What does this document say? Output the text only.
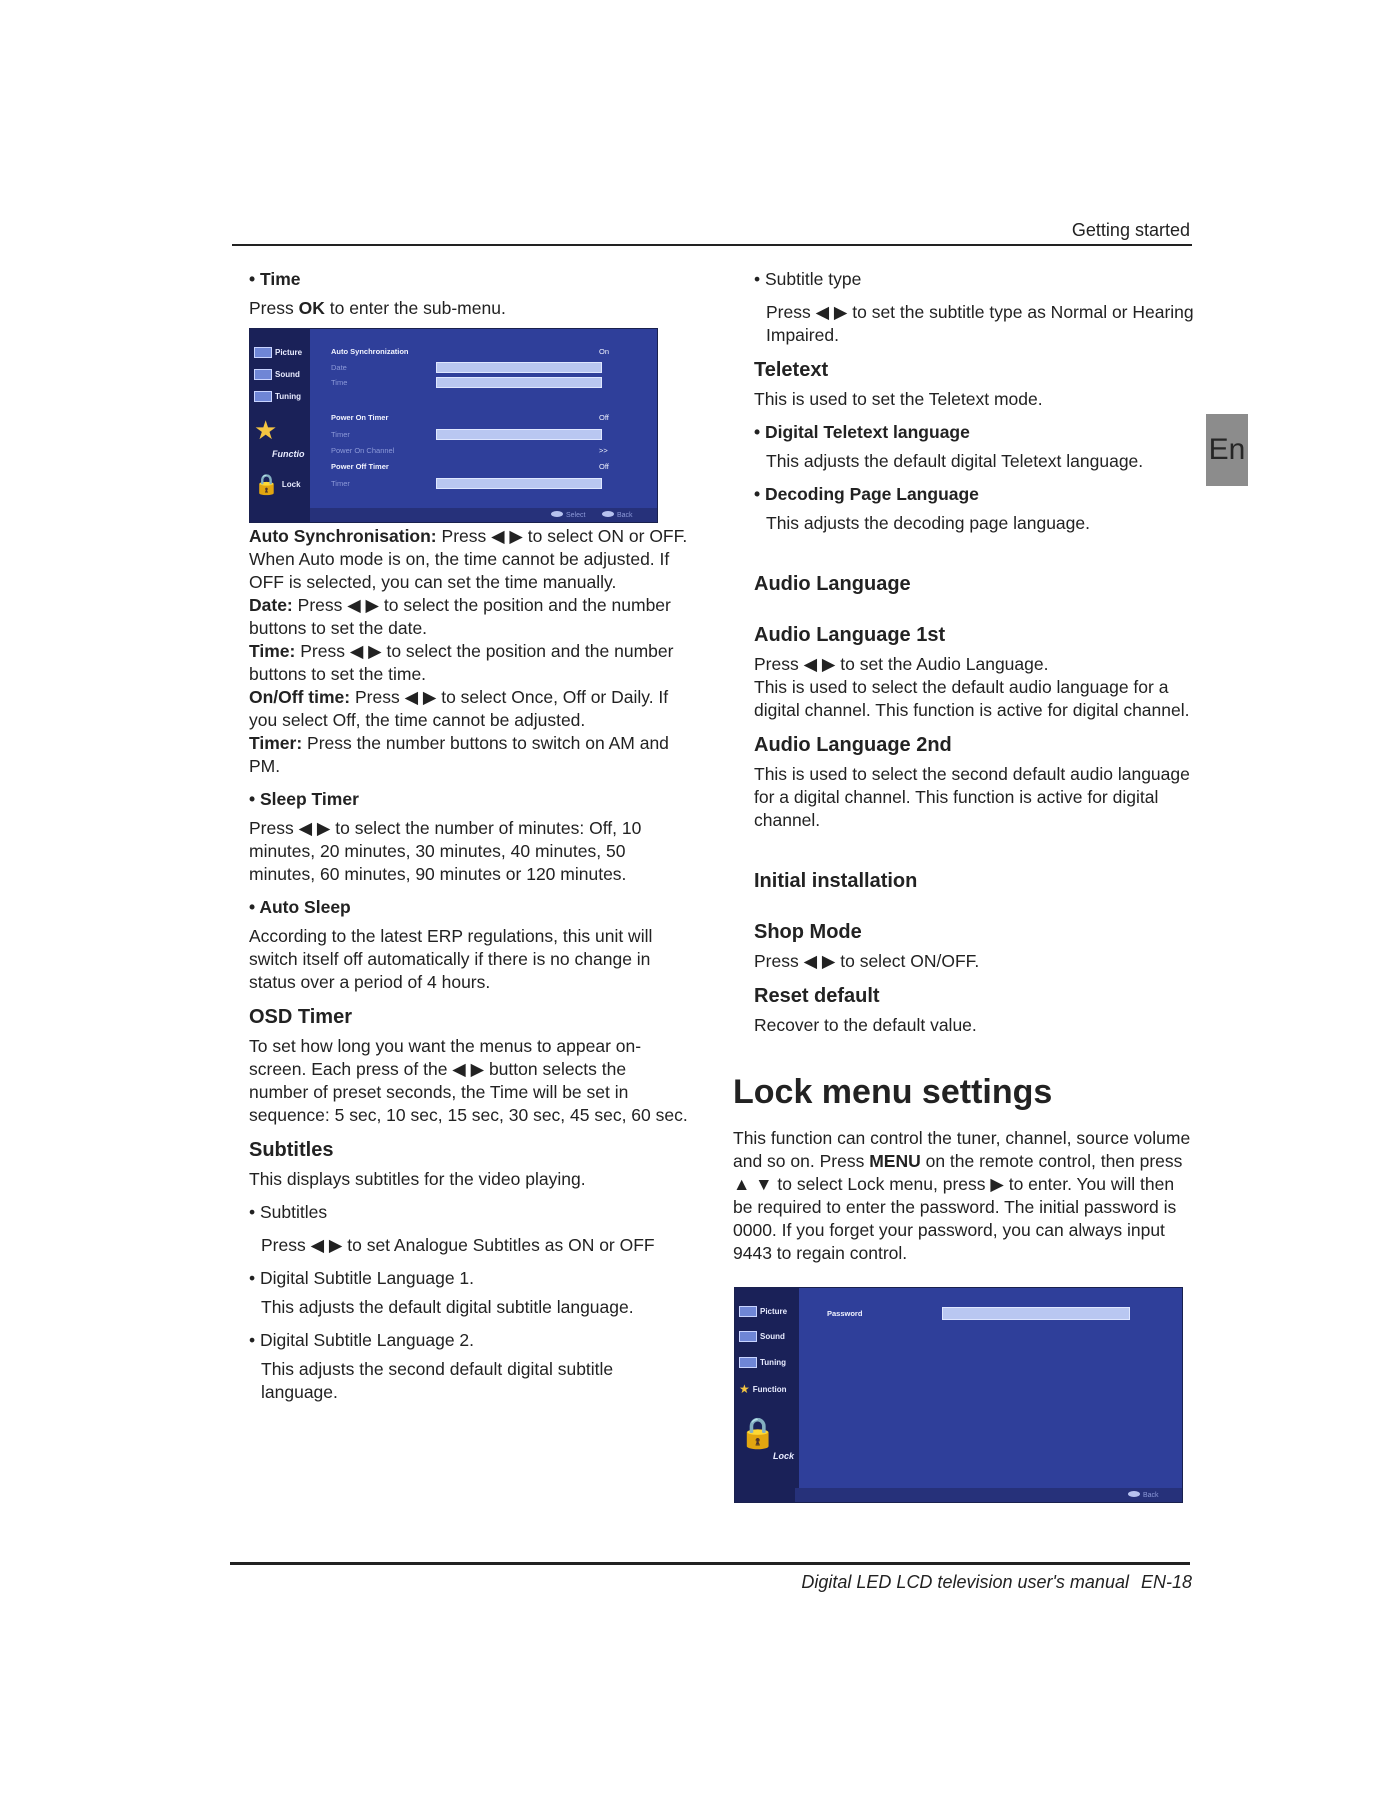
Getting started
En

• Time

Press OK to enter the sub-menu.

Auto Synchronisation: Press ◀ ▶ to select ON or OFF. When Auto mode is on, the time cannot be adjusted. If OFF is selected, you can set the time manually.

Date: Press ◀ ▶ to select the position and the number buttons to set the date.

Time: Press ◀ ▶ to select the position and the number buttons to set the time.

On/Off time: Press ◀ ▶ to select Once, Off or Daily. If you select Off, the time cannot be adjusted.

Timer: Press the number buttons to switch on AM and PM.

• Sleep Timer

Press ◀ ▶ to select the number of minutes: Off, 10 minutes, 20 minutes, 30 minutes, 40 minutes, 50 minutes, 60 minutes, 90 minutes or 120 minutes.

• Auto Sleep

According to the latest ERP regulations, this unit will switch itself off automatically if there is no change in status over a period of 4 hours.

OSD Timer

To set how long you want the menus to appear on-screen. Each press of the ◀ ▶ button selects the number of preset seconds, the Time will be set in sequence: 5 sec, 10 sec, 15 sec, 30 sec, 45 sec, 60 sec.

Subtitles

This displays subtitles for the video playing.

• Subtitles

Press ◀ ▶ to set Analogue Subtitles as ON or OFF

• Digital Subtitle Language 1.

This adjusts the default digital subtitle language.

• Digital Subtitle Language 2.

This adjusts the second default digital subtitle language.

Picture
Sound
Tuning
★
Functio
🔒 Lock
Auto Synchronization	On
Date
Time
Power On Timer	Off
Timer
Power On Channel	>>
Power Off Timer	Off
Timer
Select	Back

• Subtitle type

Press ◀ ▶ to set the subtitle type as Normal or Hearing Impaired.

Teletext

This is used to set the Teletext mode.

• Digital Teletext language

This adjusts the default digital Teletext language.

• Decoding Page Language

This adjusts the decoding page language.

Audio Language

Audio Language 1st

Press ◀ ▶ to set the Audio Language.

This is used to select the default audio language for a digital channel. This function is active for digital channel.

Audio Language 2nd

This is used to select the second default audio language for a digital channel. This function is active for digital channel.

Initial installation

Shop Mode

Press ◀ ▶ to select ON/OFF.

Reset default

Recover to the default value.

Lock menu settings

This function can control the tuner, channel, source volume and so on. Press MENU on the remote control, then press ▲ ▼ to select Lock menu, press ▶ to enter. You will then be required to enter the password. The initial password is 0000. If you forget your password, you can always input 9443 to regain control.

Picture
Sound
Tuning
★ Function
🔒
Lock
Password
Back
Digital LED LCD television user's manual EN-18
